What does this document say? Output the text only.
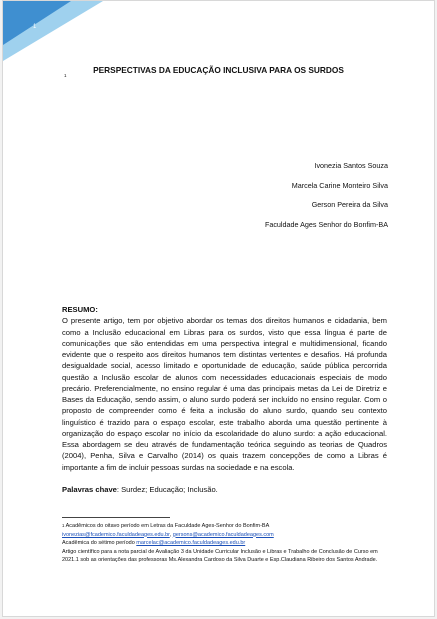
1
PERSPECTIVAS DA EDUCAÇÃO INCLUSIVA PARA OS SURDOS
1
Ivonezia Santos Souza
Marcela Carine Monteiro Silva
Gerson Pereira da Silva
Faculdade Ages Senhor do Bonfim-BA
RESUMO:
O presente artigo, tem por objetivo abordar os temas dos direitos humanos e cidadania, bem como a Inclusão educacional em Libras para os surdos, visto que essa língua é parte de comunicações que são entendidas em uma perspectiva integral e multidimensional, ficando evidente que o respeito aos direitos humanos tem distintas vertentes e desafios. Há profunda desigualdade social, acesso limitado e oportunidade de educação, saúde pública percorrida questão a Inclusão escolar de alunos com necessidades educacionais especiais de modo precário. Preferencialmente, no ensino regular é uma das principais metas da Lei de Diretriz e Bases da Educação, sendo assim, o aluno surdo poderá ser incluído no ensino regular. Com o proposto de compreender como é feita a inclusão do aluno surdo, quando seu contexto linguístico é trazido para o espaço escolar, este trabalho aborda uma questão pertinente à organização do espaço escolar no início da escolaridade do aluno surdo: a ação educacional. Essa abordagem se deu através de fundamentação teórica seguindo as teorias de Quadros (2004), Penha, Silva e Carvalho (2014) os quais trazem concepções de como a Libras é importante a fim de incluir pessoas surdas na sociedade e na escola.
Palavras chave: Surdez; Educação; Inclusão.
$^1$ Acadêmicos do oitavo período em Letras da Faculdade Ages-Senhor do Bonfim-BA
ivonezias@fcademico.faculdadeages.edu.br, gersons@academico.faculdadeages.com
Acadêmica do sétimo período marcelac@academico.faculdadeages.edu.br
Artigo científico para a nota parcial de Avaliação 3 da Unidade Curricular Inclusão e Libras e Trabalho de Conclusão de Curso em 2021.1 sob as orientações das professoras Ms.Alexandra Cardoso da Silva Duarte e Esp.Claudiana Ribeiro dos Santos Andrade.
